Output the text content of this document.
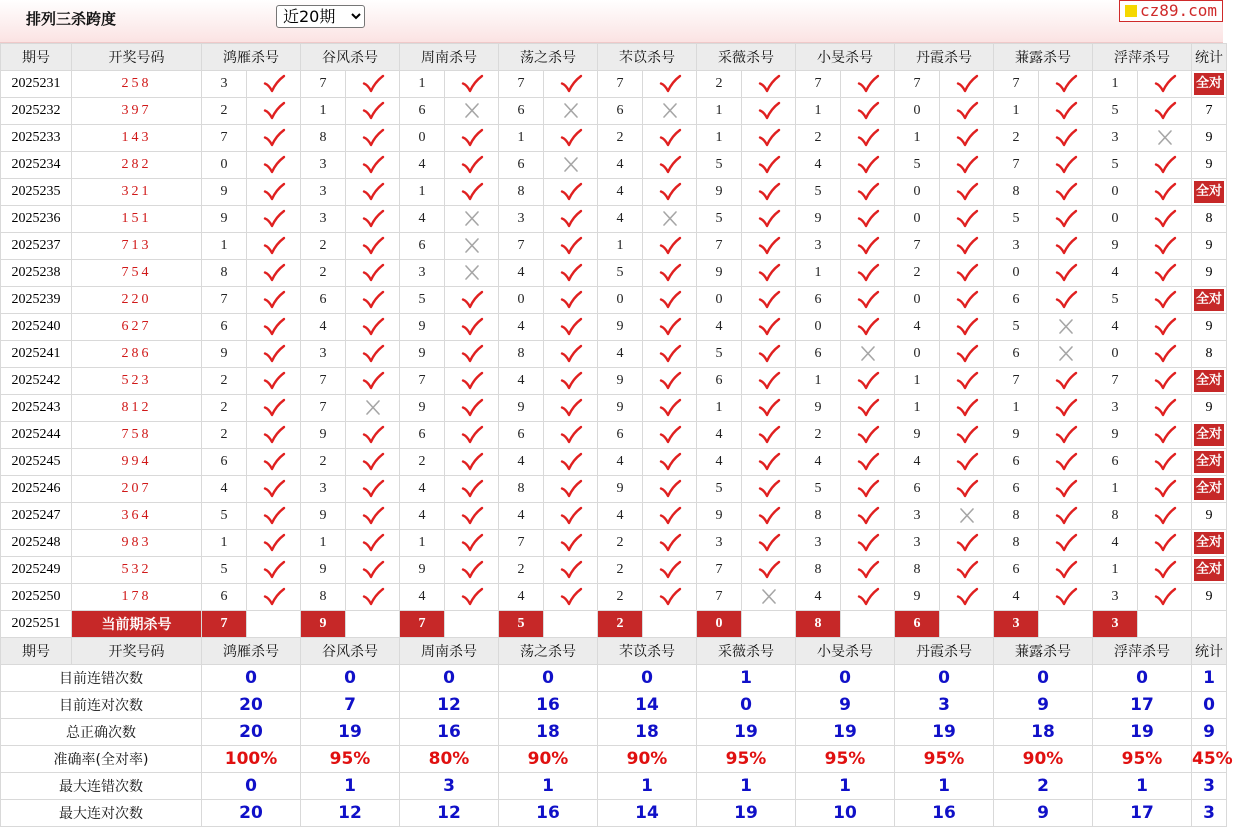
排列三杀跨度
近20期	cz89.com
期号	开奖号码	鸿雁杀号		谷风杀号		周南杀号		荡之杀号		芣苡杀号		采薇杀号		小旻杀号		丹霞杀号		蒹露杀号		浮萍杀号		统计
2025231	258	3		7		1		7		7		2		7		7		7		1		全对
2025232	397	2		1		6		6		6		1		1		0		1		5		7
2025233	143	7		8		0		1		2		1		2		1		2		3		9
2025234	282	0		3		4		6		4		5		4		5		7		5		9
2025235	321	9		3		1		8		4		9		5		0		8		0		全对
2025236	151	9		3		4		3		4		5		9		0		5		0		8
2025237	713	1		2		6		7		1		7		3		7		3		9		9
2025238	754	8		2		3		4		5		9		1		2		0		4		9
2025239	220	7		6		5		0		0		0		6		0		6		5		全对
2025240	627	6		4		9		4		9		4		0		4		5		4		9
2025241	286	9		3		9		8		4		5		6		0		6		0		8
2025242	523	2		7		7		4		9		6		1		1		7		7		全对
2025243	812	2		7		9		9		9		1		9		1		1		3		9
2025244	758	2		9		6		6		6		4		2		9		9		9		全对
2025245	994	6		2		2		4		4		4		4		4		6		6		全对
2025246	207	4		3		4		8		9		5		5		6		6		1		全对
2025247	364	5		9		4		4		4		9		8		3		8		8		9
2025248	983	1		1		1		7		2		3		3		3		8		4		全对
2025249	532	5		9		9		2		2		7		8		8		6		1		全对
2025250	178	6		8		4		4		2		7		4		9		4		3		9
2025251	当前期杀号	7		9		7		5		2		0		8		6		3		3		
期号	开奖号码	鸿雁杀号		谷风杀号		周南杀号		荡之杀号		芣苡杀号		采薇杀号		小旻杀号		丹霞杀号		蒹露杀号		浮萍杀号		统计
目前连错次数		0		0		0		0		0		1		0		0		0		0		1
目前连对次数		20		7		12		16		14		0		9		3		9		17		0
总正确次数		20		19		16		18		18		19		19		19		18		19		9
准确率(全对率)		100%		95%		80%		90%		90%		95%		95%		95%		90%		95%		45%
最大连错次数		0		1		3		1		1		1		1		1		2		1		3
最大连对次数		20		12		12		16		14		19		10		16		9		17		3
